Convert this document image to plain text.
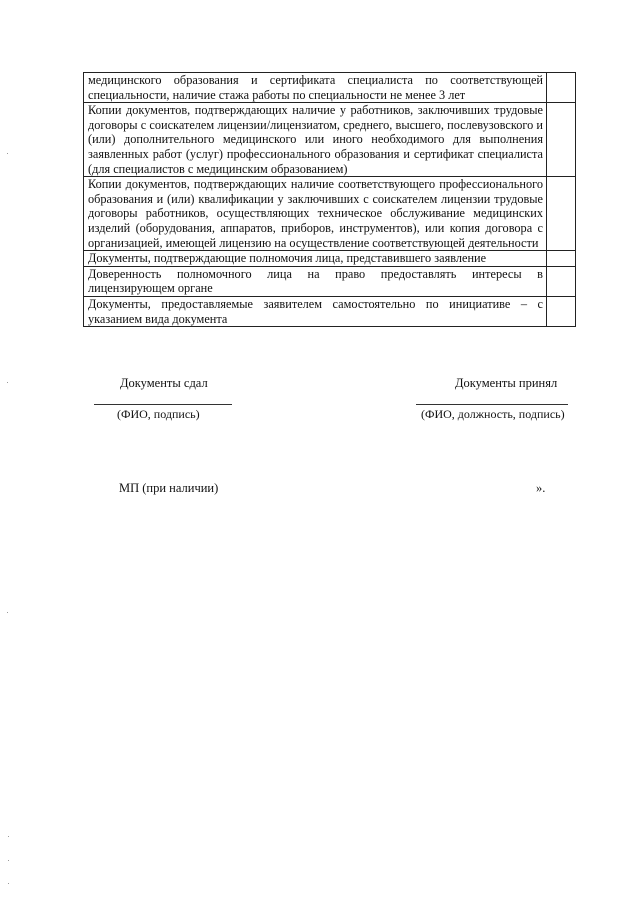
медицинского образования и сертификата специалиста по соответствующей специальности, наличие стажа работы по специальности не менее 3 лет	
Копии документов, подтверждающих наличие у работников, заключивших трудовые договоры с соискателем лицензии/лицензиатом, среднего, высшего, послевузовского и (или) дополнительного медицинского или иного необходимого для выполнения заявленных работ (услуг) профессионального образования и сертификат специалиста (для специалистов с медицинским образованием)	
Копии документов, подтверждающих наличие соответствующего профессионального образования и (или) квалификации у заключивших с соискателем лицензии трудовые договоры работников, осуществляющих техническое обслуживание медицинских изделий (оборудования, аппаратов, приборов, инструментов), или копия договора с организацией, имеющей лицензию на осуществление соответствующей деятельности	
Документы, подтверждающие полномочия лица, представившего заявление	
Доверенность полномочного лица на право предоставлять интересы в лицензирующем органе	
Документы, предоставляемые заявителем самостоятельно по инициативе – с указанием вида документа	
Документы сдал
(ФИО, подпись)
Документы принял
(ФИО, должность, подпись)
МП (при наличии)	».
